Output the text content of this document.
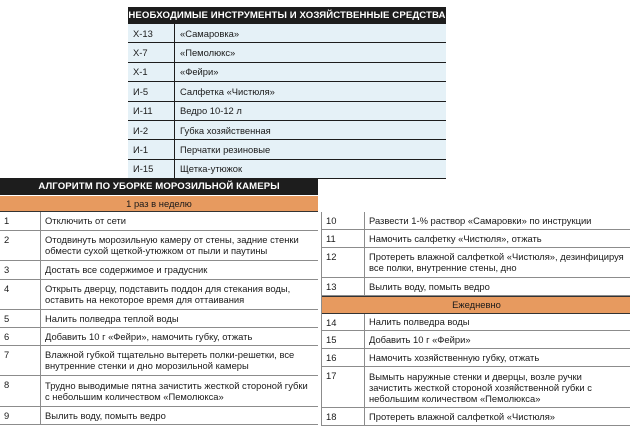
НЕОБХОДИМЫЕ ИНСТРУМЕНТЫ И ХОЗЯЙСТВЕННЫЕ СРЕДСТВА
Х-13	«Самаровка»
Х-7	«Пемолюкс»
Х-1	«Фейри»
И-5	Салфетка «Чистюля»
И-11	Ведро 10-12 л
И-2	Губка хозяйственная
И-1	Перчатки резиновые
И-15	Щетка-утюжок
АЛГОРИТМ ПО УБОРКЕ МОРОЗИЛЬНОЙ КАМЕРЫ
1 раз в неделю
1	Отключить от сети
2	Отодвинуть морозильную камеру от стены, задние стенки обмести сухой щеткой-утюжком от пыли и паутины
3	Достать все содержимое и градусник
4	Открыть дверцу, подставить поддон для стекания воды, оставить на некоторое время для оттаивания
5	Налить полведра теплой воды
6	Добавить 10 г «Фейри», намочить губку, отжать
7	Влажной губкой тщательно вытереть полки-решетки, все внутренние стенки и дно морозильной камеры
8	Трудно выводимые пятна зачистить жесткой стороной губки с небольшим количеством «Пемолюкса»
9	Вылить воду, помыть ведро
10	Развести 1-% раствор «Самаровки» по инструкции
11	Намочить салфетку «Чистюля», отжать
12	Протереть влажной салфеткой «Чистюля», дезинфицируя все полки, внутренние стены, дно
13	Вылить воду, помыть ведро
Ежедневно
14	Налить полведра воды
15	Добавить 10 г «Фейри»
16	Намочить хозяйственную губку, отжать
17	Вымыть наружные стенки и дверцы, возле ручки зачистить жесткой стороной хозяйственной губки с небольшим количеством «Пемолюкса»
18	Протереть влажной салфеткой «Чистюля»
